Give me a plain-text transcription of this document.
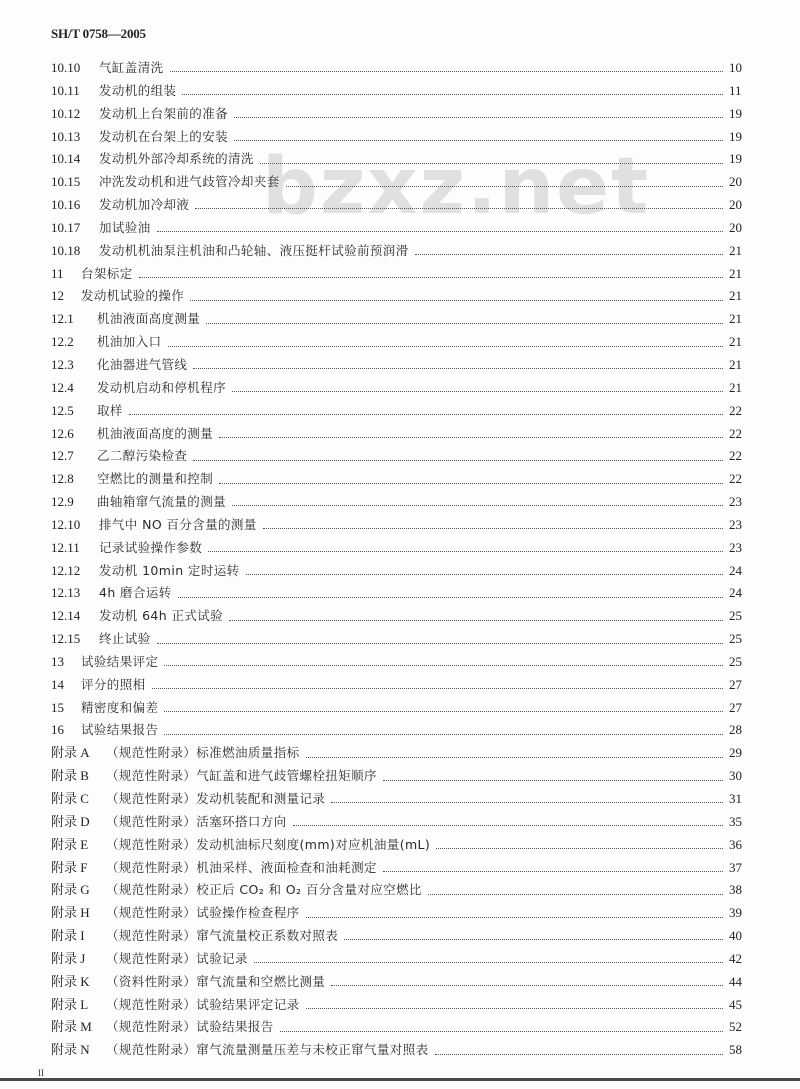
SH/T 0758—2005
bzxz.net
10.10	气缸盖清洗	10
10.11	发动机的组装	11
10.12	发动机上台架前的准备	19
10.13	发动机在台架上的安装	19
10.14	发动机外部冷却系统的清洗	19
10.15	冲洗发动机和进气歧管冷却夹套	20
10.16	发动机加冷却液	20
10.17	加试验油	20
10.18	发动机机油泵注机油和凸轮轴、液压挺杆试验前预润滑	21
11	台架标定	21
12	发动机试验的操作	21
12.1	机油液面高度测量	21
12.2	机油加入口	21
12.3	化油器进气管线	21
12.4	发动机启动和停机程序	21
12.5	取样	22
12.6	机油液面高度的测量	22
12.7	乙二醇污染检查	22
12.8	空燃比的测量和控制	22
12.9	曲轴箱窜气流量的测量	23
12.10	排气中 NO 百分含量的测量	23
12.11	记录试验操作参数	23
12.12	发动机 10min 定时运转	24
12.13	4h 磨合运转	24
12.14	发动机 64h 正式试验	25
12.15	终止试验	25
13	试验结果评定	25
14	评分的照相	27
15	精密度和偏差	27
16	试验结果报告	28
附录 A	（规范性附录）标准燃油质量指标	29
附录 B	（规范性附录）气缸盖和进气歧管螺栓扭矩顺序	30
附录 C	（规范性附录）发动机装配和测量记录	31
附录 D	（规范性附录）活塞环搭口方向	35
附录 E	（规范性附录）发动机油标尺刻度(mm)对应机油量(mL)	36
附录 F	（规范性附录）机油采样、液面检查和油耗测定	37
附录 G	（规范性附录）校正后 CO₂ 和 O₂ 百分含量对应空燃比	38
附录 H	（规范性附录）试验操作检查程序	39
附录 I	（规范性附录）窜气流量校正系数对照表	40
附录 J	（规范性附录）试验记录	42
附录 K	（资料性附录）窜气流量和空燃比测量	44
附录 L	（规范性附录）试验结果评定记录	45
附录 M	（规范性附录）试验结果报告	52
附录 N	（规范性附录）窜气流量测量压差与未校正窜气量对照表	58
II
